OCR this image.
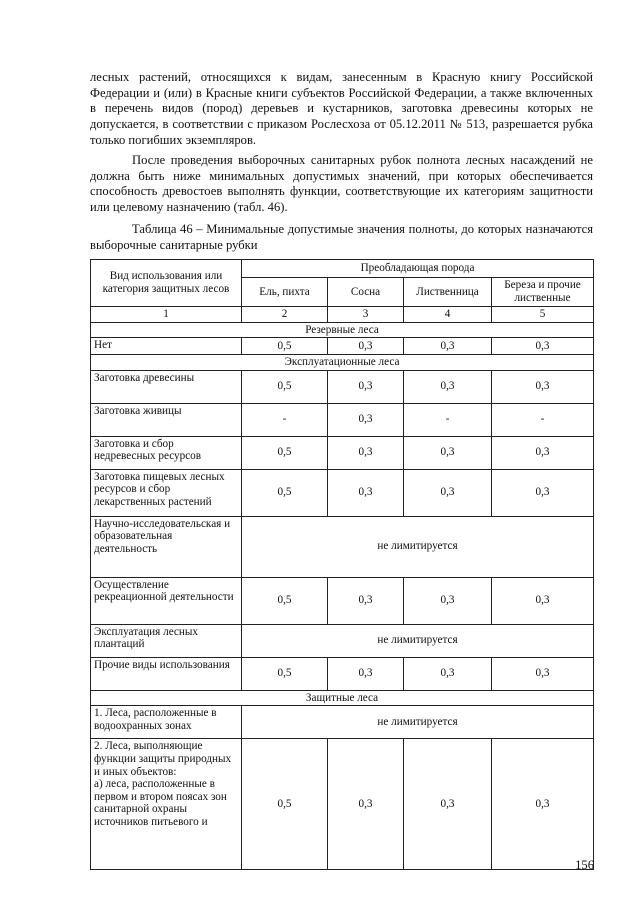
лесных растений, относящихся к видам, занесенным в Красную книгу Российской Федерации и (или) в Красные книги субъектов Российской Федерации, а также включенных в перечень видов (пород) деревьев и кустарников, заготовка древесины которых не допускается, в соответствии с приказом Рослесхоза от 05.12.2011 № 513, разрешается рубка только погибших экземпляров.

После проведения выборочных санитарных рубок полнота лесных насаждений не должна быть ниже минимальных допустимых значений, при которых обеспечивается способность древостоев выполнять функции, соответствующие их категориям защитности или целевому назначению (табл. 46).

Таблица 46 – Минимальные допустимые значения полноты, до которых назначаются выборочные санитарные рубки

Вид использования или категория защитных лесов	Преобладающая порода			
	Ель, пихта	Сосна	Лиственница	Береза и прочие лиственные
1	2	3	4	5
Резервные леса				
Нет	0,5	0,3	0,3	0,3
Эксплуатационные леса				
Заготовка древесины	0,5	0,3	0,3	0,3
Заготовка живицы	-	0,3	-	-
Заготовка и сбор недревесных ресурсов	0,5	0,3	0,3	0,3
Заготовка пищевых лесных ресурсов и сбор лекарственных растений	0,5	0,3	0,3	0,3
Научно-исследовательская и образовательная деятельность	не лимитируется			
Осуществление рекреационной деятельности	0,5	0,3	0,3	0,3
Эксплуатация лесных плантаций	не лимитируется			
Прочие виды использования	0,5	0,3	0,3	0,3
Защитные леса				
1. Леса, расположенные в водоохранных зонах	не лимитируется			
2. Леса, выполняющие функции защиты природных и иных объектов:
а) леса, расположенные в первом и втором поясах зон санитарной охраны источников питьевого и	0,5	0,3	0,3	0,3
156
